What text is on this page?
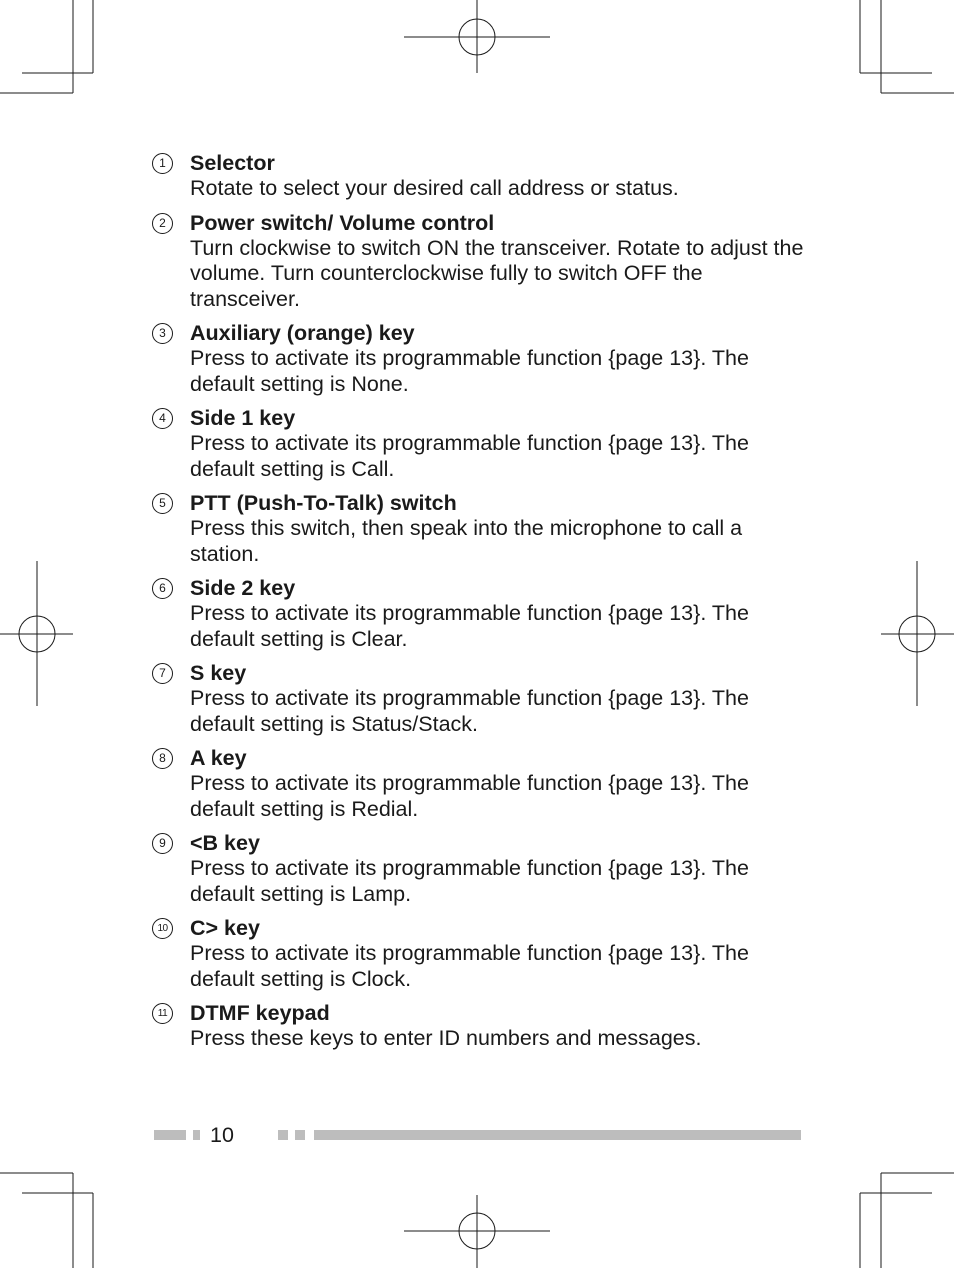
1	Selector
Rotate to select your desired call address or status.
2	Power switch/ Volume control
Turn clockwise to switch ON the transceiver. Rotate to adjust the volume. Turn counterclockwise fully to switch OFF the transceiver.
3	Auxiliary (orange) key
Press to activate its programmable function {page 13}. The default setting is None.
4	Side 1 key
Press to activate its programmable function {page 13}. The default setting is Call.
5	PTT (Push-To-Talk) switch
Press this switch, then speak into the microphone to call a station.
6	Side 2 key
Press to activate its programmable function {page 13}. The default setting is Clear.
7	S key
Press to activate its programmable function {page 13}. The default setting is Status/Stack.
8	A key
Press to activate its programmable function {page 13}. The default setting is Redial.
9	<B key
Press to activate its programmable function {page 13}. The default setting is Lamp.
10 C> key
Press to activate its programmable function {page 13}. The default setting is Clock.
11 DTMF keypad
Press these keys to enter ID numbers and messages.
10
